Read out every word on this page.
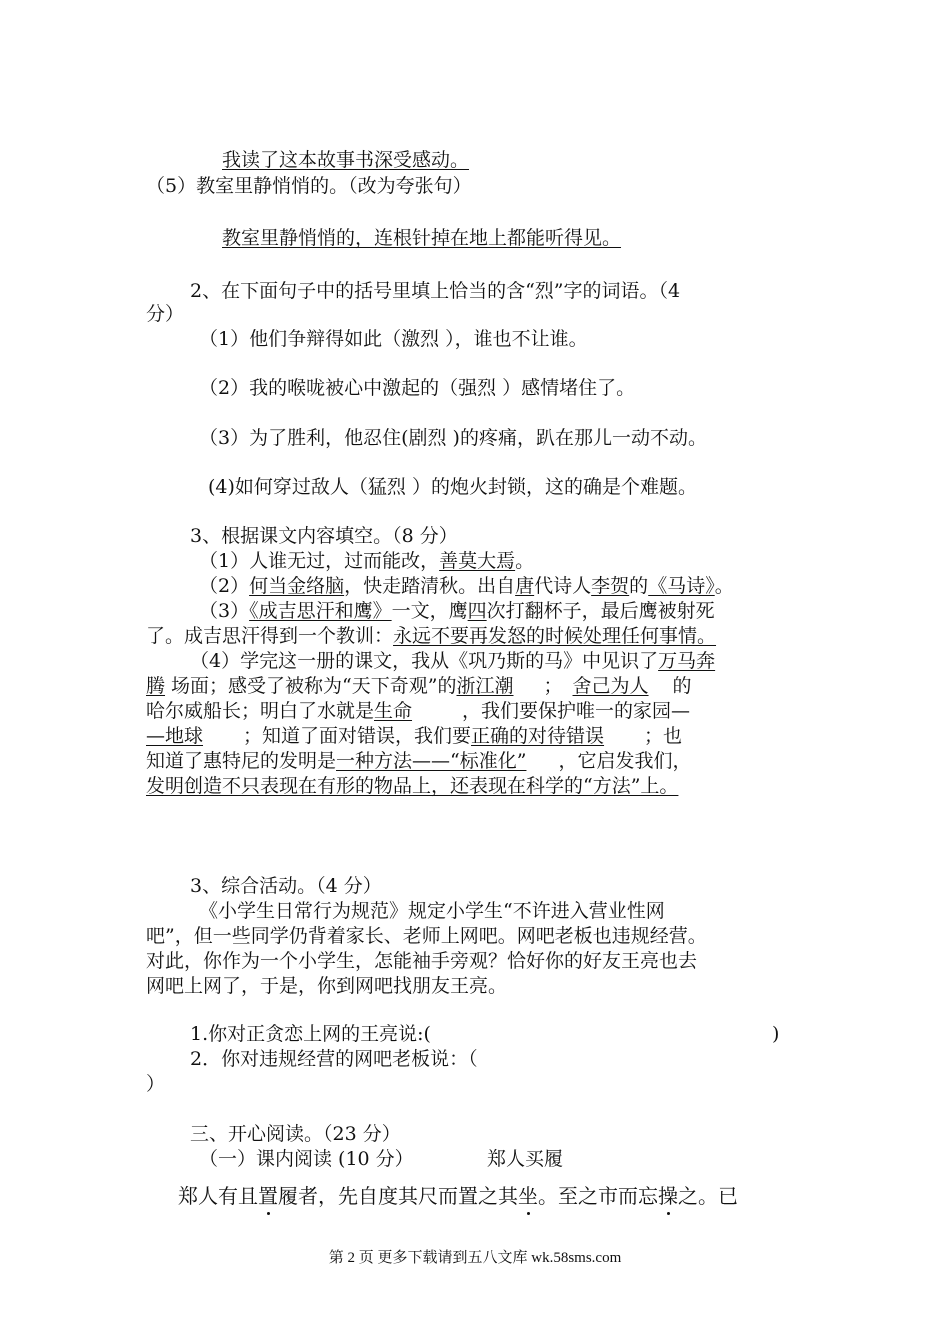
我读了这本故事书深受感动。
（5）教室里静悄悄的。（改为夸张句）
教室里静悄悄的，连根针掉在地上都能听得见。
2、在下面句子中的括号里填上恰当的含“烈”字的词语。（4
分）
（1）他们争辩得如此（激烈 ），谁也不让谁。
（2）我的喉咙被心中激起的（强烈 ）感情堵住了。
（3）为了胜利，他忍住(剧烈 )的疼痛，趴在那儿一动不动。
(4)如何穿过敌人（猛烈 ）的炮火封锁，这的确是个难题。
3、根据课文内容填空。（8 分）
（1）人谁无过，过而能改，善莫大焉。
（2）何当金络脑，快走踏清秋。出自唐代诗人李贺的《马诗》。
（3）《成吉思汗和鹰》一文，鹰四次打翻杯子，最后鹰被射死
了。成吉思汗得到一个教训：永远不要再发怒的时候处理任何事情。
（4）学完这一册的课文，我从《巩乃斯的马》中见识了万马奔
腾 场面；感受了被称为“天下奇观”的浙江潮 ； 舍己为人 的
哈尔威船长；明白了水就是生命	，我们要保护唯一的家园—
—地球 ；知道了面对错误，我们要正确的对待错误 ；也
知道了惠特尼的发明是一种方法——“标准化” ，它启发我们，
发明创造不只表现在有形的物品上，还表现在科学的“方法”上。
3、综合活动。（4 分）
《小学生日常行为规范》规定小学生“不许进入营业性网
吧”，但一些同学仍背着家长、老师上网吧。网吧老板也违规经营。
对此，你作为一个小学生，怎能袖手旁观？恰好你的好友王亮也去
网吧上网了，于是，你到网吧找朋友王亮。
1.你对正贪恋上网的王亮说:(	)
2．你对违规经营的网吧老板说：（
）
三、开心阅读。（23 分）
（一）课内阅读 (10 分）	郑人买履
郑人有且置履者，先自度其尺而置之其坐。至之市而忘操之。已
第 2 页 更多下载请到五八文库 wk.58sms.com
